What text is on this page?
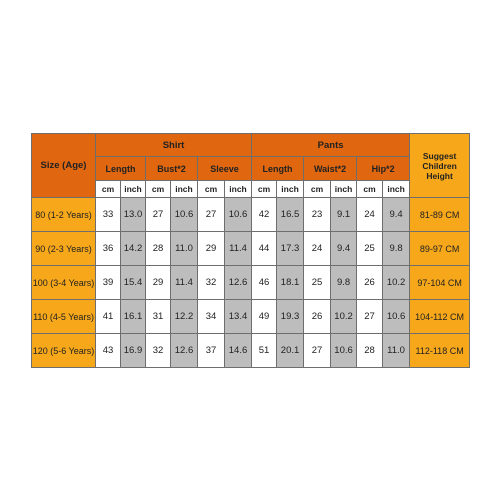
Size (Age)	Shirt						Pants						Suggest Children Height
	Length		Bust*2		Sleeve		Length		Waist*2		Hip*2		
	cm	inch	cm	inch	cm	inch	cm	inch	cm	inch	cm	inch	
80 (1-2 Years)	33	13.0	27	10.6	27	10.6	42	16.5	23	9.1	24	9.4	81-89 CM
90 (2-3 Years)	36	14.2	28	11.0	29	11.4	44	17.3	24	9.4	25	9.8	89-97 CM
100 (3-4 Years)	39	15.4	29	11.4	32	12.6	46	18.1	25	9.8	26	10.2	97-104 CM
110 (4-5 Years)	41	16.1	31	12.2	34	13.4	49	19.3	26	10.2	27	10.6	104-112 CM
120 (5-6 Years)	43	16.9	32	12.6	37	14.6	51	20.1	27	10.6	28	11.0	112-118 CM
